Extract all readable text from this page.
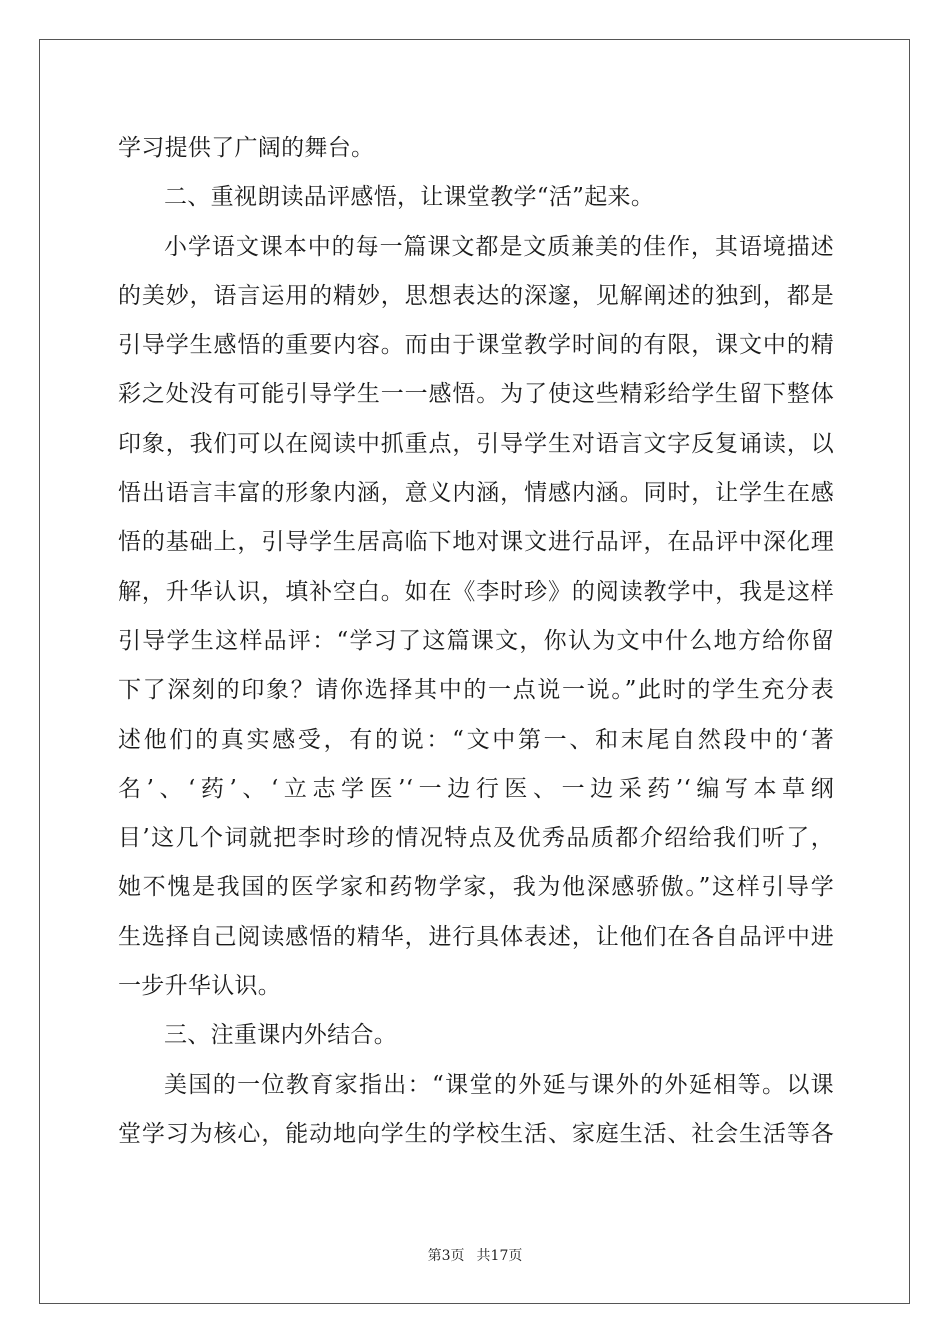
学习提供了广阔的舞台。
二、重视朗读品评感悟，让课堂教学“活”起来。
小学语文课本中的每一篇课文都是文质兼美的佳作，其语境描述
的美妙，语言运用的精妙，思想表达的深邃，见解阐述的独到，都是
引导学生感悟的重要内容。而由于课堂教学时间的有限，课文中的精
彩之处没有可能引导学生一一感悟。为了使这些精彩给学生留下整体
印象，我们可以在阅读中抓重点，引导学生对语言文字反复诵读，以
悟出语言丰富的形象内涵，意义内涵，情感内涵。同时，让学生在感
悟的基础上，引导学生居高临下地对课文进行品评，在品评中深化理
解，升华认识，填补空白。如在《李时珍》的阅读教学中，我是这样
引导学生这样品评：“学习了这篇课文，你认为文中什么地方给你留
下了深刻的印象？请你选择其中的一点说一说。”此时的学生充分表
述他们的真实感受，有的说：“文中第一、和末尾自然段中的‘著
名’、‘药’、‘立志学医’‘一边行医、一边采药’‘编写本草纲
目’这几个词就把李时珍的情况特点及优秀品质都介绍给我们听了，
她不愧是我国的医学家和药物学家，我为他深感骄傲。”这样引导学
生选择自己阅读感悟的精华，进行具体表述，让他们在各自品评中进
一步升华认识。
三、注重课内外结合。
美国的一位教育家指出：“课堂的外延与课外的外延相等。以课
堂学习为核心，能动地向学生的学校生活、家庭生活、社会生活等各
第3页 共17页
